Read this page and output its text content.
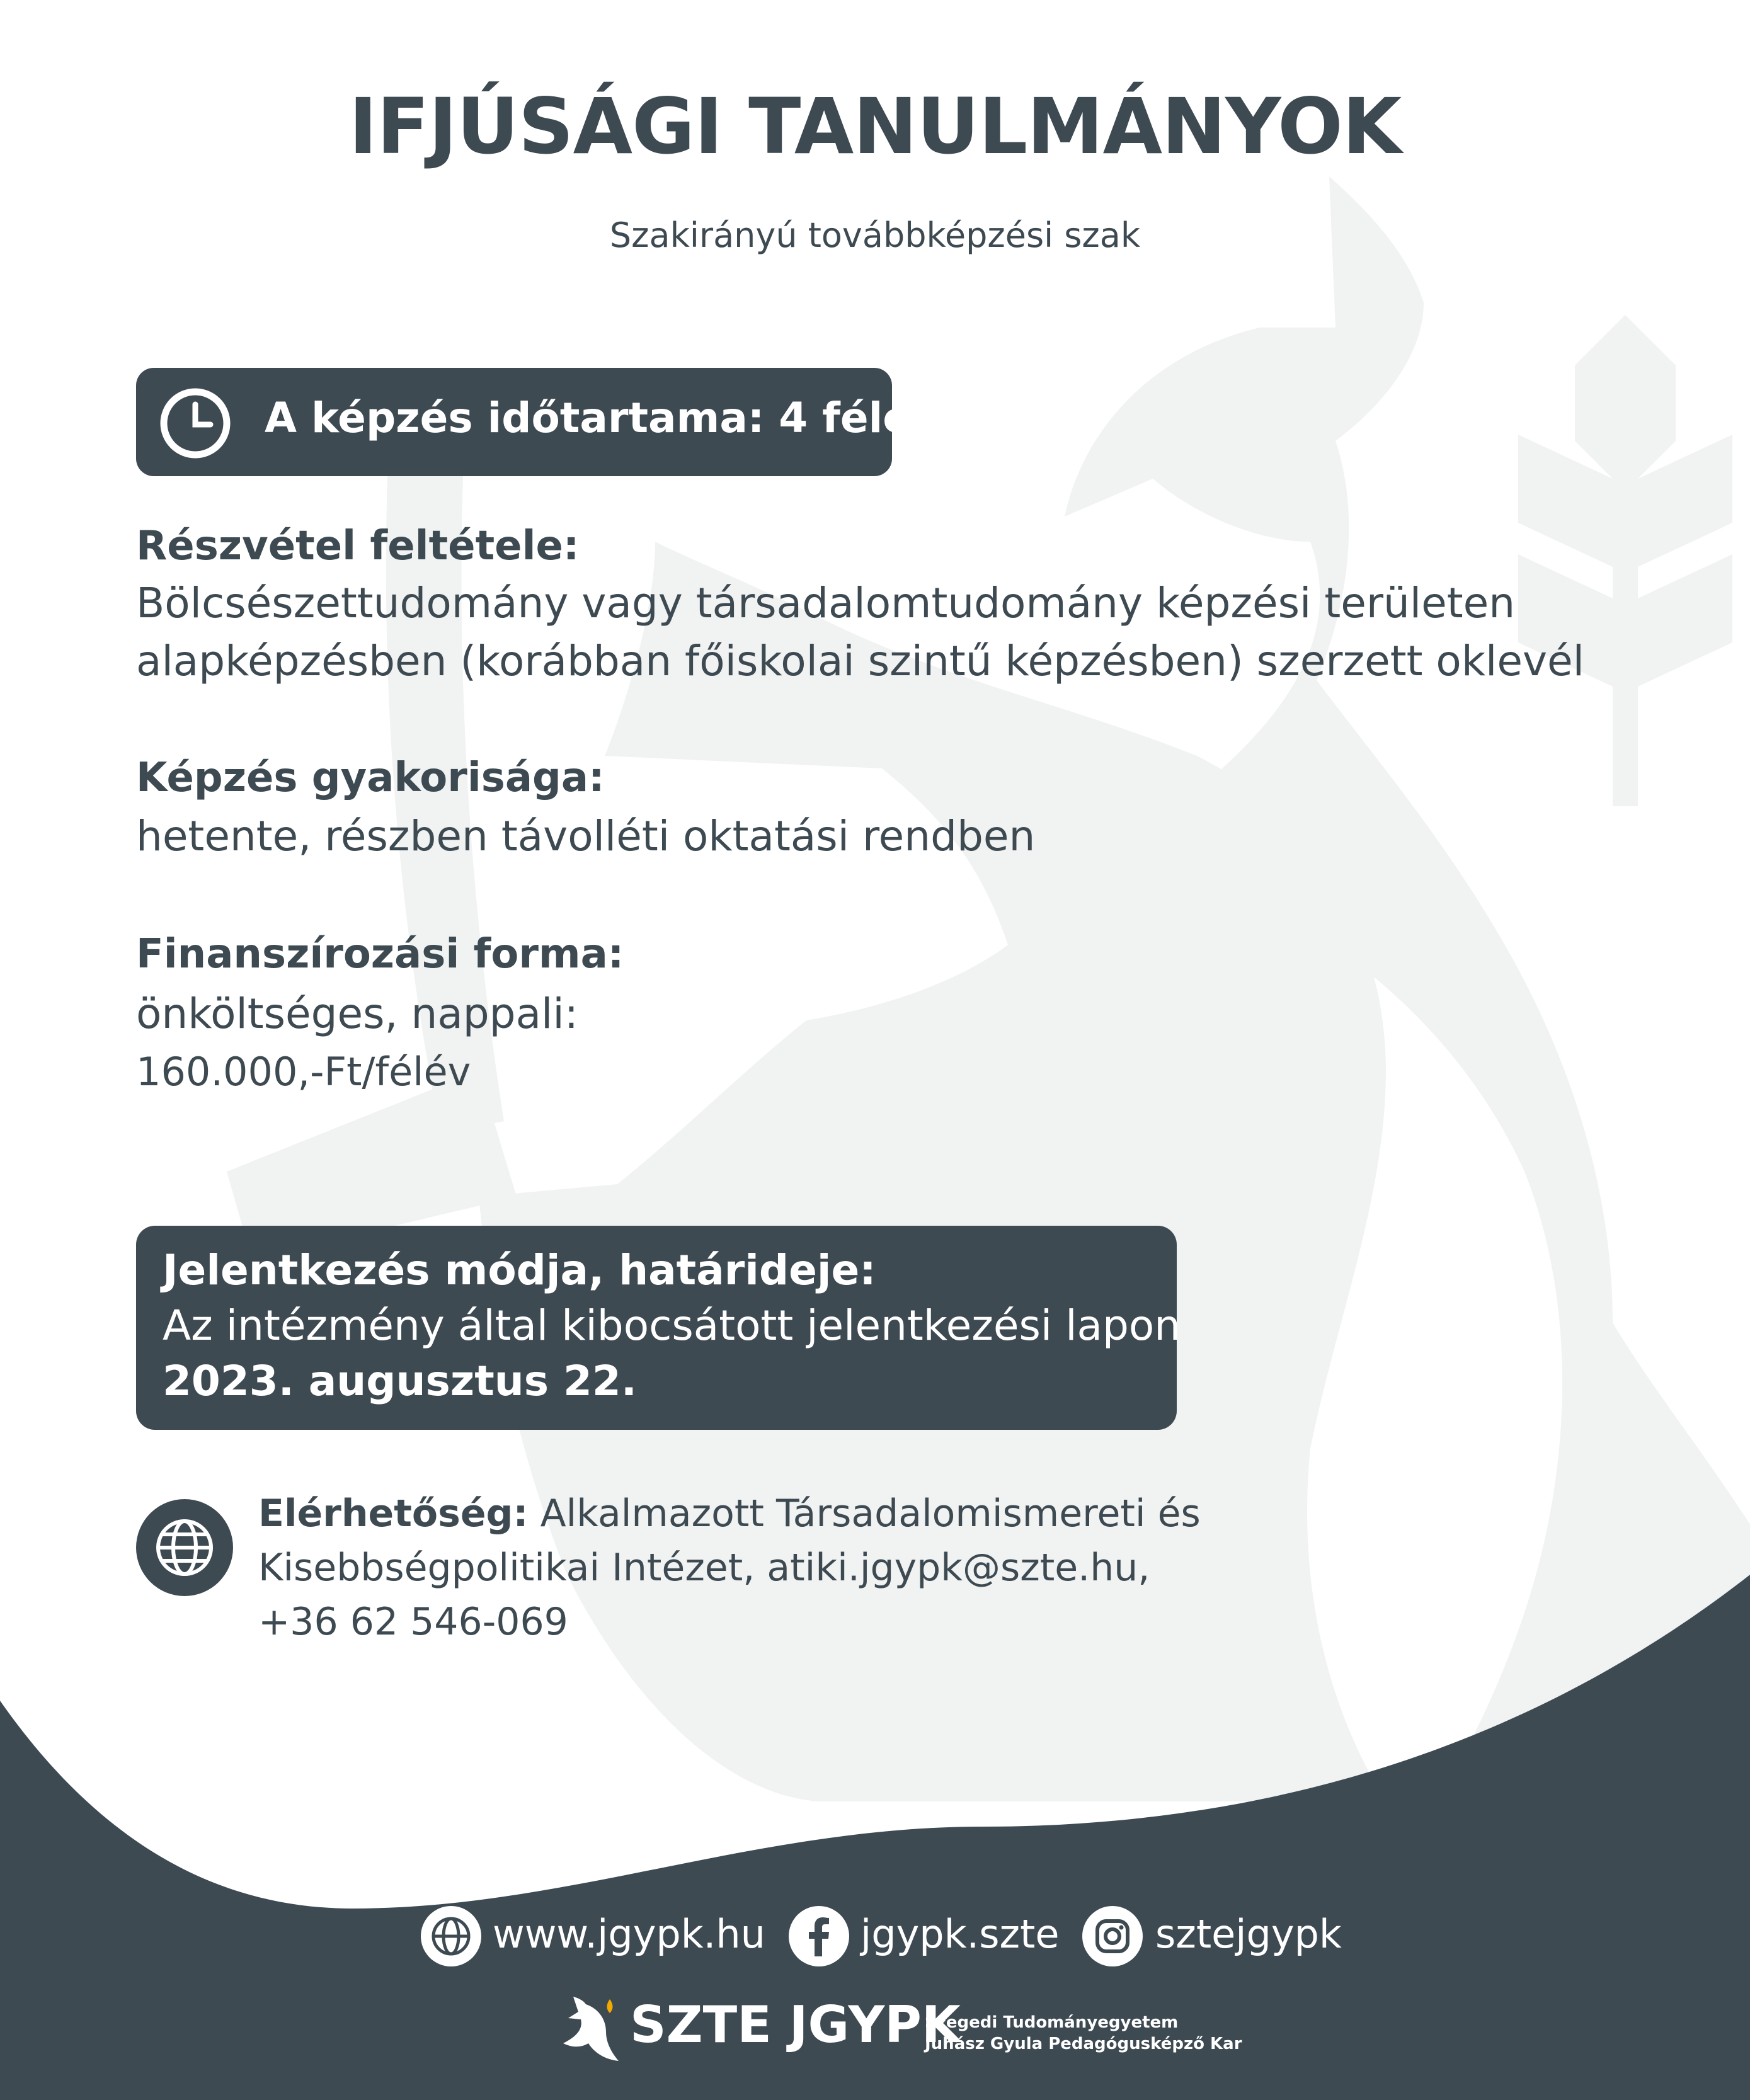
IFJÚSÁGI TANULMÁNYOK
Szakirányú továbbképzési szak
A képzés időtartama: 4 félév
Részvétel feltétele:
Bölcsészettudomány vagy társadalomtudomány képzési területen
alapképzésben (korábban főiskolai szintű képzésben) szerzett oklevél
Képzés gyakorisága:
hetente, részben távolléti oktatási rendben
Finanszírozási forma:
önköltséges, nappali:
160.000,-Ft/félév
Jelentkezés módja, határideje:
Az intézmény által kibocsátott jelentkezési lapon
2023. augusztus 22.

Elérhetőség: Alkalmazott Társadalomismereti és

Kisebbségpolitikai Intézet, atiki.jgypk@szte.hu,

+36 62 546-069

www.jgypk.hu jgypk.szte sztejgypk
SZTE JGYPK
Szegedi Tudományegyetem
Juhász Gyula Pedagógusképző Kar
